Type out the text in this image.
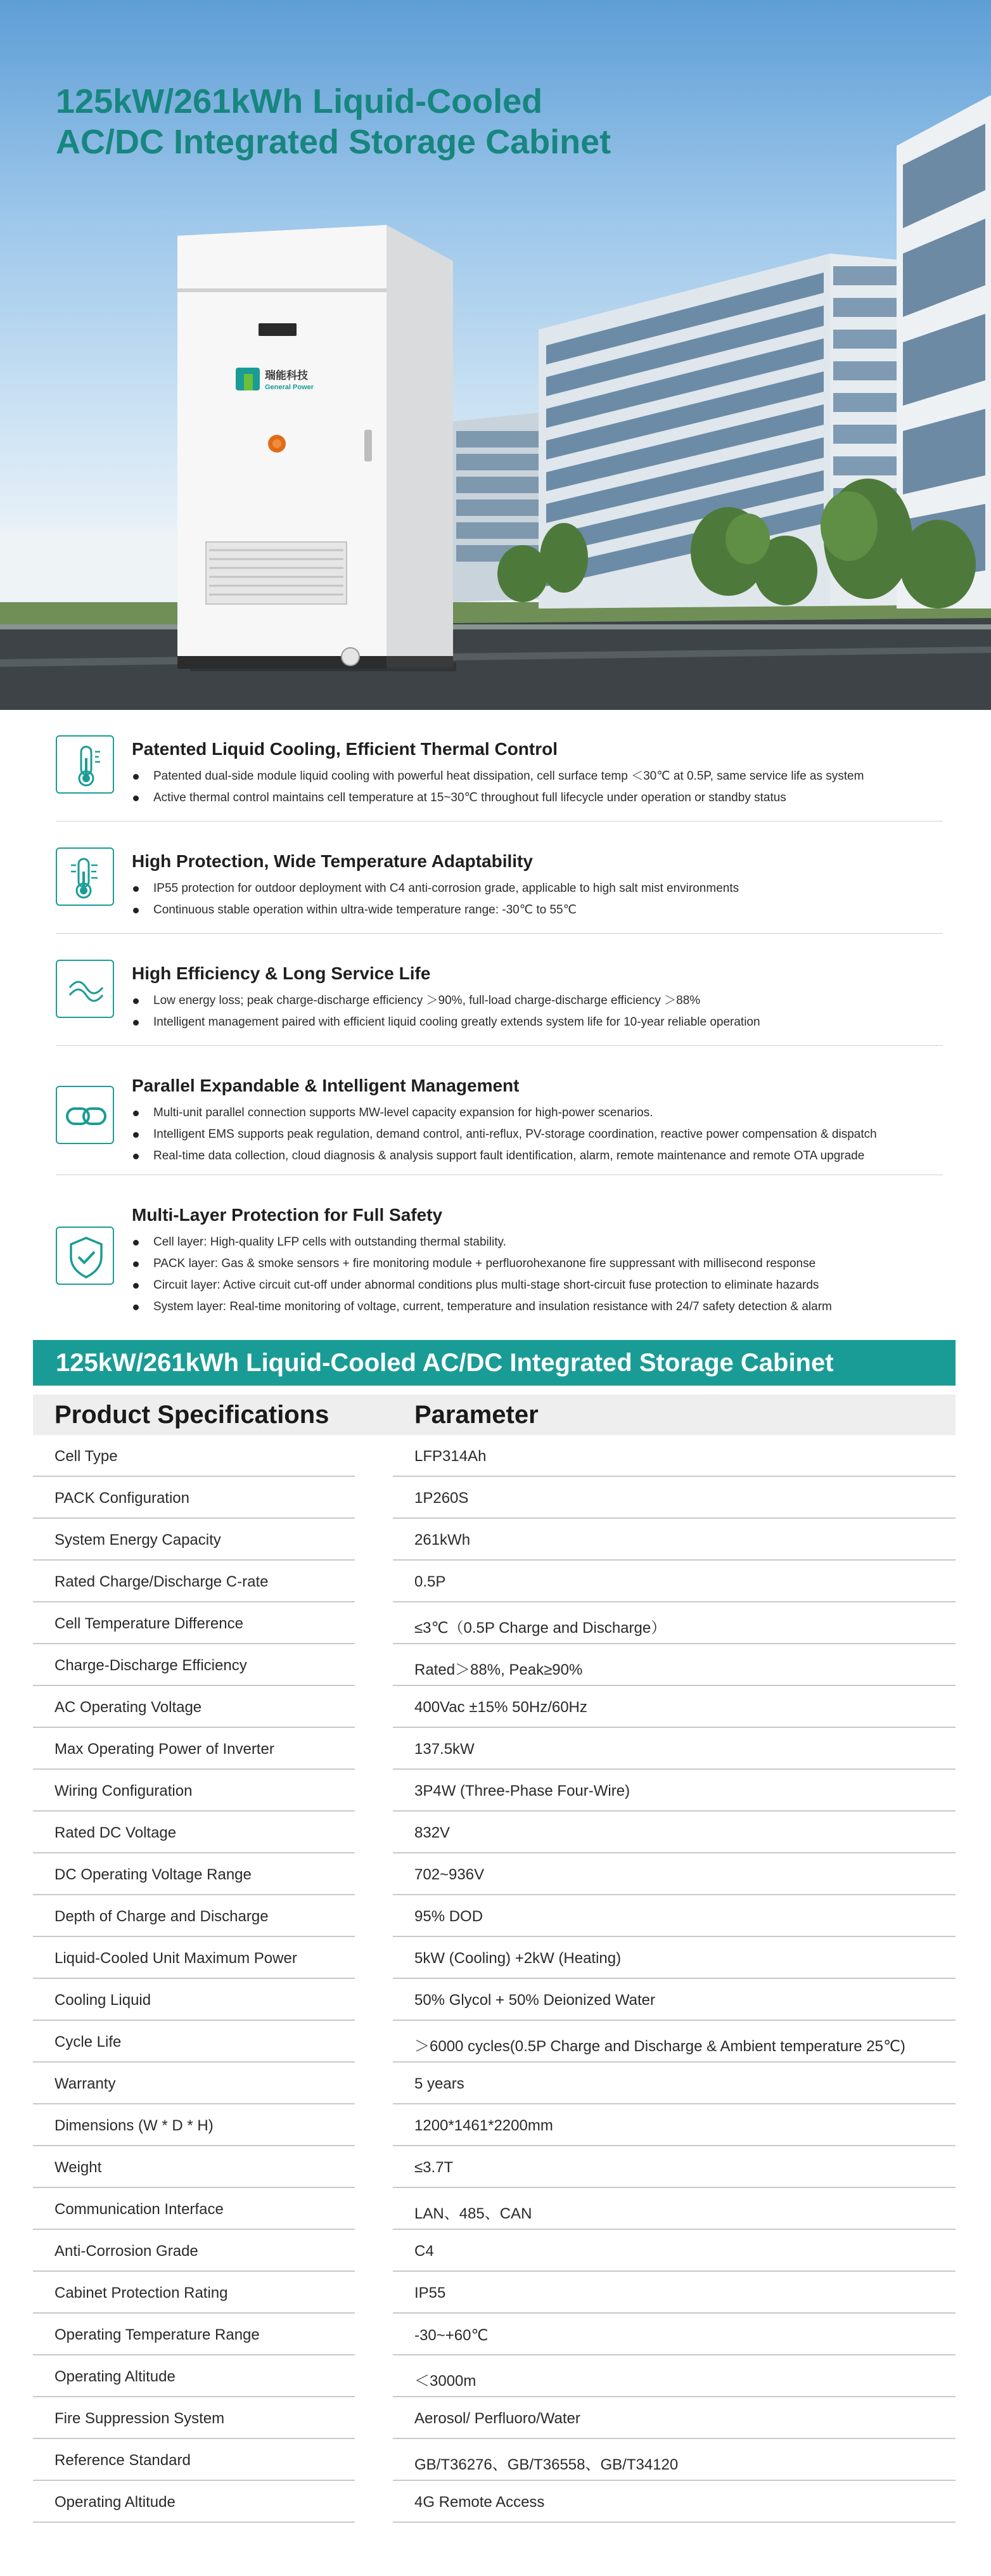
瑞能科技
General Power
125kW/261kWh Liquid-Cooled
AC/DC Integrated Storage Cabinet
Patented Liquid Cooling, Efficient Thermal Control
Patented dual-side module liquid cooling with powerful heat dissipation, cell surface temp ＜30℃ at 0.5P, same service life as system
Active thermal control maintains cell temperature at 15~30℃ throughout full lifecycle under operation or standby status
High Protection, Wide Temperature Adaptability
IP55 protection for outdoor deployment with C4 anti-corrosion grade, applicable to high salt mist environments
Continuous stable operation within ultra-wide temperature range: -30℃ to 55℃
High Efficiency & Long Service Life
Low energy loss; peak charge-discharge efficiency ＞90%, full-load charge-discharge efficiency ＞88%
Intelligent management paired with efficient liquid cooling greatly extends system life for 10-year reliable operation
Parallel Expandable & Intelligent Management
Multi-unit parallel connection supports MW-level capacity expansion for high-power scenarios.
Intelligent EMS supports peak regulation, demand control, anti-reflux, PV-storage coordination, reactive power compensation & dispatch
Real-time data collection, cloud diagnosis & analysis support fault identification, alarm, remote maintenance and remote OTA upgrade
Multi-Layer Protection for Full Safety
Cell layer: High-quality LFP cells with outstanding thermal stability.
PACK layer: Gas & smoke sensors + fire monitoring module + perfluorohexanone fire suppressant with millisecond response
Circuit layer: Active circuit cut-off under abnormal conditions plus multi-stage short-circuit fuse protection to eliminate hazards
System layer: Real-time monitoring of voltage, current, temperature and insulation resistance with 24/7 safety detection & alarm
125kW/261kWh Liquid-Cooled AC/DC Integrated Storage Cabinet
Product Specifications	Parameter
Cell Type	LFP314Ah
PACK Configuration	1P260S
System Energy Capacity	261kWh
Rated Charge/Discharge C-rate	0.5P
Cell Temperature Difference	≤3℃（0.5P Charge and Discharge）
Charge-Discharge Efficiency	Rated＞88%, Peak≥90%
AC Operating Voltage	400Vac ±15% 50Hz/60Hz
Max Operating Power of Inverter	137.5kW
Wiring Configuration	3P4W (Three-Phase Four-Wire)
Rated DC Voltage	832V
DC Operating Voltage Range	702~936V
Depth of Charge and Discharge	95% DOD
Liquid-Cooled Unit Maximum Power	5kW (Cooling) +2kW (Heating)
Cooling Liquid	50% Glycol + 50% Deionized Water
Cycle Life	＞6000 cycles(0.5P Charge and Discharge & Ambient temperature 25℃)
Warranty	5 years
Dimensions (W * D * H)	1200*1461*2200mm
Weight	≤3.7T
Communication Interface	LAN、485、CAN
Anti-Corrosion Grade	C4
Cabinet Protection Rating	IP55
Operating Temperature Range	-30~+60℃
Operating Altitude	＜3000m
Fire Suppression System	Aerosol/ Perfluoro/Water
Reference Standard	GB/T36276、GB/T36558、GB/T34120
Operating Altitude	4G Remote Access
